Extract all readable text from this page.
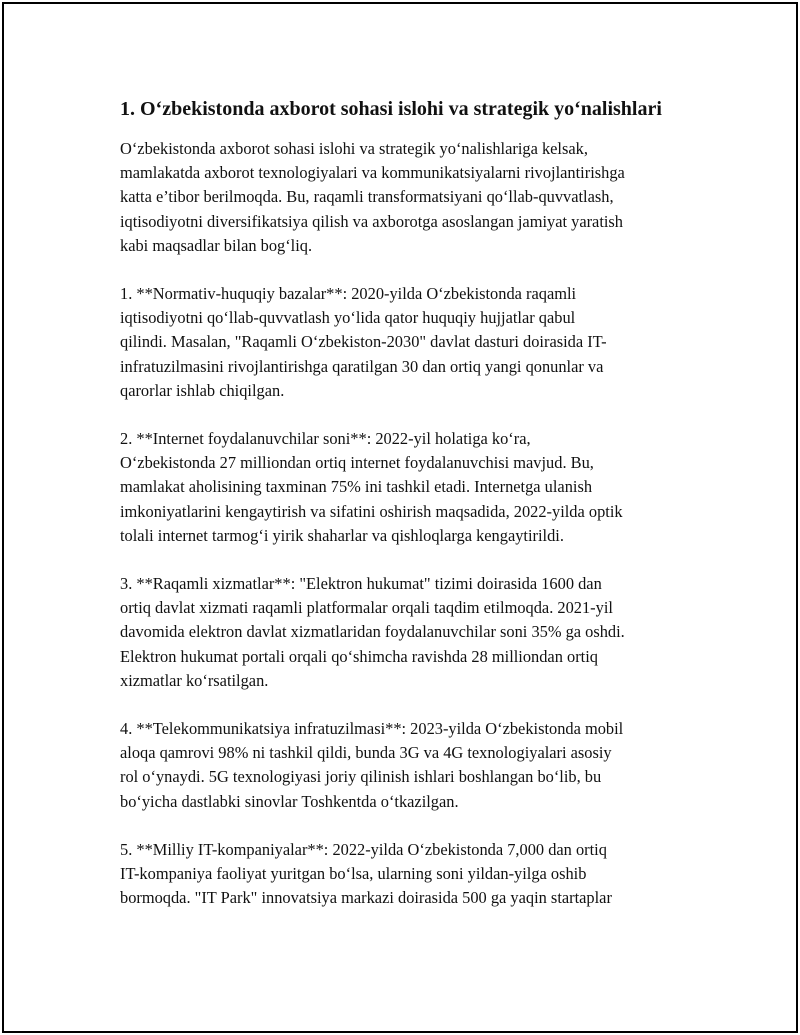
1. O‘zbekistonda axborot sohasi islohi va strategik yo‘nalishlari

O‘zbekistonda axborot sohasi islohi va strategik yo‘nalishlariga kelsak,
mamlakatda axborot texnologiyalari va kommunikatsiyalarni rivojlantirishga
katta e’tibor berilmoqda. Bu, raqamli transformatsiyani qo‘llab-quvvatlash,
iqtisodiyotni diversifikatsiya qilish va axborotga asoslangan jamiyat yaratish
kabi maqsadlar bilan bog‘liq.

1. **Normativ-huquqiy bazalar**: 2020-yilda O‘zbekistonda raqamli
iqtisodiyotni qo‘llab-quvvatlash yo‘lida qator huquqiy hujjatlar qabul
qilindi. Masalan, "Raqamli O‘zbekiston-2030" davlat dasturi doirasida IT-
infratuzilmasini rivojlantirishga qaratilgan 30 dan ortiq yangi qonunlar va
qarorlar ishlab chiqilgan.

2. **Internet foydalanuvchilar soni**: 2022-yil holatiga ko‘ra,
O‘zbekistonda 27 milliondan ortiq internet foydalanuvchisi mavjud. Bu,
mamlakat aholisining taxminan 75% ini tashkil etadi. Internetga ulanish
imkoniyatlarini kengaytirish va sifatini oshirish maqsadida, 2022-yilda optik
tolali internet tarmog‘i yirik shaharlar va qishloqlarga kengaytirildi.

3. **Raqamli xizmatlar**: "Elektron hukumat" tizimi doirasida 1600 dan
ortiq davlat xizmati raqamli platformalar orqali taqdim etilmoqda. 2021-yil
davomida elektron davlat xizmatlaridan foydalanuvchilar soni 35% ga oshdi.
Elektron hukumat portali orqali qo‘shimcha ravishda 28 milliondan ortiq
xizmatlar ko‘rsatilgan.

4. **Telekommunikatsiya infratuzilmasi**: 2023-yilda O‘zbekistonda mobil
aloqa qamrovi 98% ni tashkil qildi, bunda 3G va 4G texnologiyalari asosiy
rol o‘ynaydi. 5G texnologiyasi joriy qilinish ishlari boshlangan bo‘lib, bu
bo‘yicha dastlabki sinovlar Toshkentda o‘tkazilgan.

5. **Milliy IT-kompaniyalar**: 2022-yilda O‘zbekistonda 7,000 dan ortiq
IT-kompaniya faoliyat yuritgan bo‘lsa, ularning soni yildan-yilga oshib
bormoqda. "IT Park" innovatsiya markazi doirasida 500 ga yaqin startaplar
